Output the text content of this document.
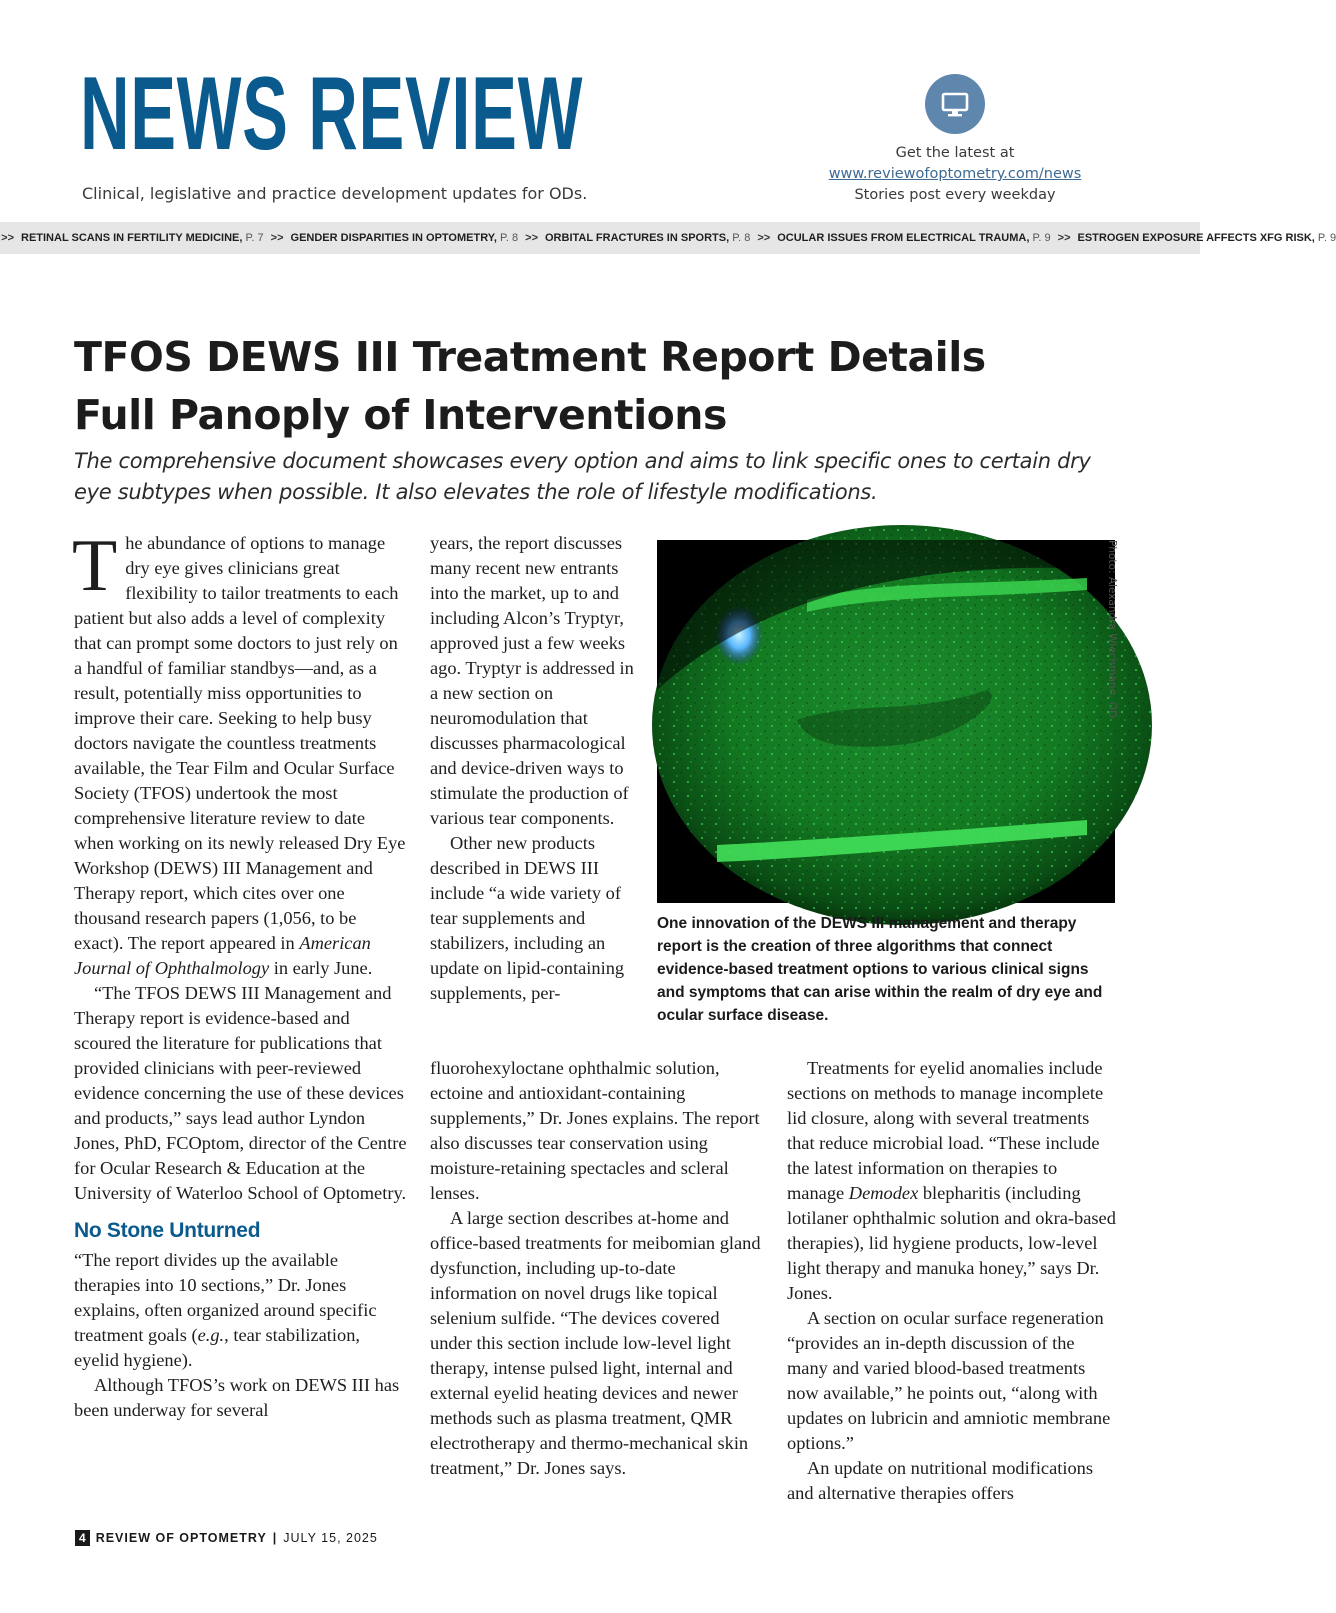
NEWS REVIEW
Clinical, legislative and practice development updates for ODs.
Get the latest at
www.reviewofoptometry.com/news
Stories post every weekday
>> RETINAL SCANS IN FERTILITY MEDICINE, P. 7 >> GENDER DISPARITIES IN OPTOMETRY, P. 8 >> ORBITAL FRACTURES IN SPORTS, P. 8 >> OCULAR ISSUES FROM ELECTRICAL TRAUMA, P. 9 >> ESTROGEN EXPOSURE AFFECTS XFG RISK, P. 9
TFOS DEWS III Treatment Report Details
Full Panoply of Interventions

The comprehensive document showcases every option and aims to link specific ones to certain dry eye subtypes when possible. It also elevates the role of lifestyle modifications.

The abundance of options to manage dry eye gives clinicians great flexibility to tailor treatments to each patient but also adds a level of complexity that can prompt some doctors to just rely on a handful of familiar standbys—and, as a result, potentially miss opportunities to improve their care. Seeking to help busy doctors navigate the countless treatments available, the Tear Film and Ocular Surface Society (TFOS) undertook the most comprehensive literature review to date when working on its newly released Dry Eye Workshop (DEWS) III Management and Therapy report, which cites over one thousand research papers (1,056, to be exact). The report appeared in American Journal of Ophthalmology in early June.

“The TFOS DEWS III Management and Therapy report is evidence-based and scoured the literature for publications that provided clinicians with peer-reviewed evidence concerning the use of these devices and products,” says lead author Lyndon Jones, PhD, FCOptom, director of the Centre for Ocular Research & Education at the University of Waterloo School of Optometry.

No Stone Unturned

“The report divides up the available therapies into 10 sections,” Dr. Jones explains, often organized around specific treatment goals (e.g., tear stabilization, eyelid hygiene).

Although TFOS’s work on DEWS III has been underway for several

years, the report discusses many recent new entrants into the market, up to and including Alcon’s Tryptyr, approved just a few weeks ago. Tryptyr is addressed in a new section on neuromodulation that discusses pharmacological and device-driven ways to stimulate the production of various tear components.

Other new products described in DEWS III include “a wide variety of tear supplements and stabilizers, including an update on lipid-containing supplements, per-

fluorohexyloctane ophthalmic solution, ectoine and antioxidant-containing supplements,” Dr. Jones explains. The report also discusses tear conservation using moisture-retaining spectacles and scleral lenses.

A large section describes at-home and office-based treatments for meibomian gland dysfunction, including up-to-date information on novel drugs like topical selenium sulfide. “The devices covered under this section include low-level light therapy, intense pulsed light, internal and external eyelid heating devices and newer methods such as plasma treatment, QMR electrotherapy and thermo-mechanical skin treatment,” Dr. Jones says.

Treatments for eyelid anomalies include sections on methods to manage incomplete lid closure, along with several treatments that reduce microbial load. “These include the latest information on therapies to manage Demodex blepharitis (including lotilaner ophthalmic solution and okra-based therapies), lid hygiene products, low-level light therapy and manuka honey,” says Dr. Jones.

A section on ocular surface regeneration “provides an in-depth discussion of the many and varied blood-based treatments now available,” he points out, “along with updates on lubricin and amniotic membrane options.”

An update on nutritional modifications and alternative therapies offers

Photo: Alexandra Wiechmann, OD

One innovation of the DEWS III management and therapy report is the creation of three algorithms that connect evidence-based treatment options to various clinical signs and symptoms that can arise within the realm of dry eye and ocular surface disease.

4 REVIEW OF OPTOMETRY | JULY 15, 2025
